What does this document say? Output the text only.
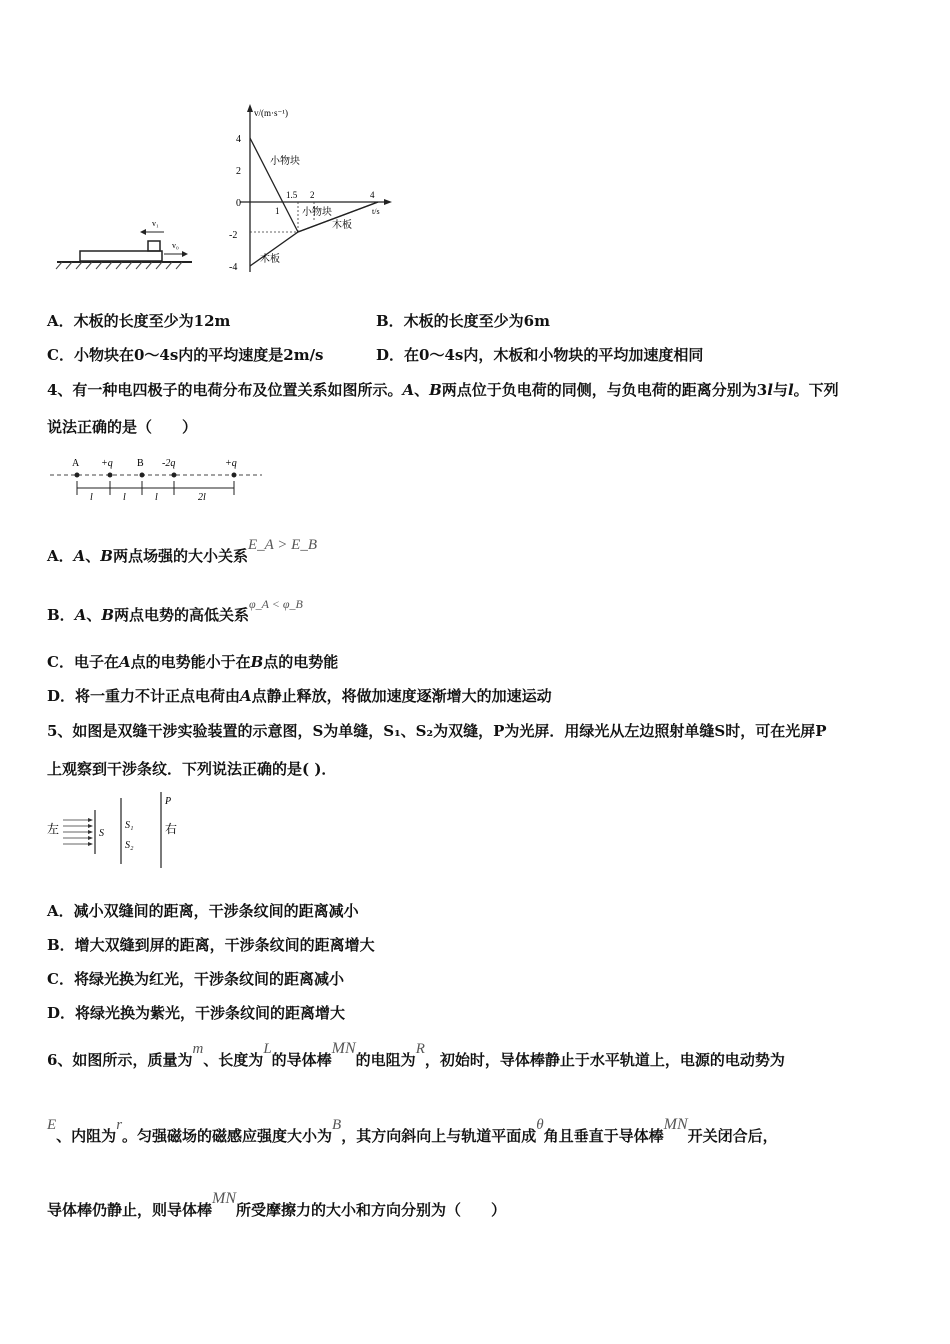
v₁
v₀
v/(m·s⁻¹)
t/s
4
2
0
-2
-4
1
1.5 2	4
小物块
小物块
木板
木板
A．木板的长度至少为12m	B．木板的长度至少为6m
C．小物块在0～4s内的平均速度是2m/s	D．在0～4s内，木板和小物块的平均加速度相同
4、有一种电四极子的电荷分布及位置关系如图所示。A、B两点位于负电荷的同侧，与负电荷的距离分别为3l与l。下列
说法正确的是（　　）
A +q B -2q	+q
l	l	l	2l
A．A、B两点场强的大小关系E_A > E_B
B．A、B两点电势的高低关系$^{\varphi\_A < \varphi\_B}$
C．电子在A点的电势能小于在B点的电势能
D．将一重力不计正点电荷由A点静止释放，将做加速度逐渐增大的加速运动
5、如图是双缝干涉实验装置的示意图，S为单缝，S₁、S₂为双缝，P为光屏．用绿光从左边照射单缝S时，可在光屏P
上观察到干涉条纹．下列说法正确的是( )．
左	S
S₁
S₂
P
右
A．减小双缝间的距离，干涉条纹间的距离减小
B．增大双缝到屏的距离，干涉条纹间的距离增大
C．将绿光换为红光，干涉条纹间的距离减小
D．将绿光换为紫光，干涉条纹间的距离增大
6、如图所示，质量为m、长度为L的导体棒MN的电阻为R，初始时，导体棒静止于水平轨道上，电源的电动势为
E、内阻为r。匀强磁场的磁感应强度大小为B，其方向斜向上与轨道平面成θ角且垂直于导体棒MN开关闭合后，
导体棒仍静止，则导体棒MN所受摩擦力的大小和方向分别为（　　）
